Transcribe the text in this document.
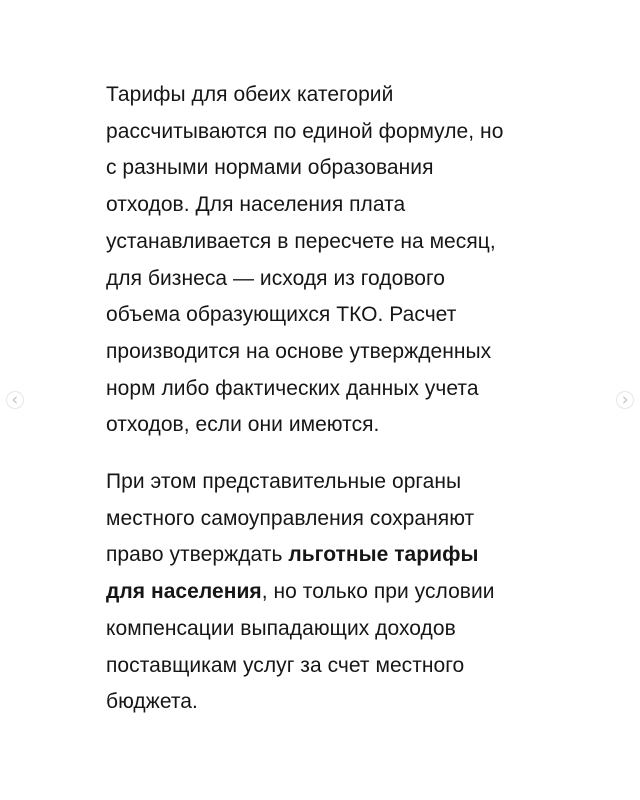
Тарифы для обеих категорий
рассчитываются по единой формуле, но
с разными нормами образования
отходов. Для населения плата
устанавливается в пересчете на месяц,
для бизнеса — исходя из годового
объема образующихся ТКО. Расчет
производится на основе утвержденных
норм либо фактических данных учета
отходов, если они имеются.

При этом представительные органы
местного самоуправления сохраняют
право утверждать льготные тарифы
для населения, но только при условии
компенсации выпадающих доходов
поставщикам услуг за счет местного
бюджета.
